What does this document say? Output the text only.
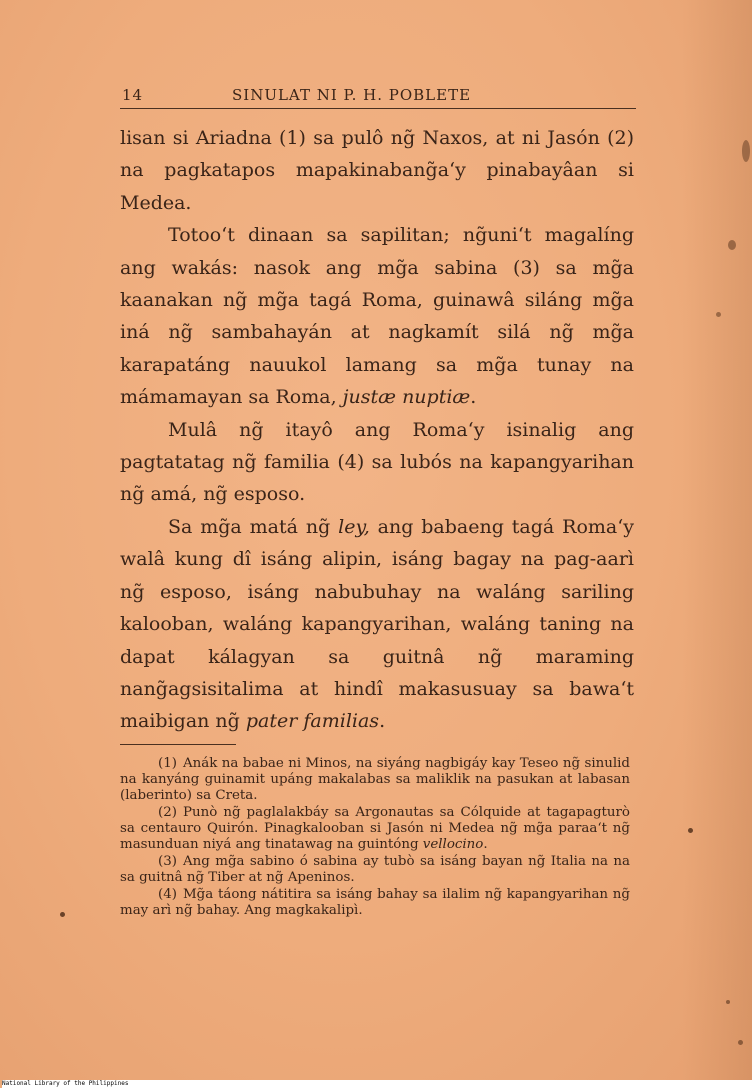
14	SINULAT NI P. H. POBLETE

lisan si Ariadna (1) sa pulô ng̃ Naxos, at ni Jasón (2) na pagkatapos mapakinabang̃a‘y pinabayâan si Medea.

Totoo‘t dinaan sa sapilitan; ng̃uni‘t magalíng ang wakás: nasok ang mg̃a sabina (3) sa mg̃a kaanakan ng̃ mg̃a tagá Roma, guinawâ siláng mg̃a iná ng̃ sambahayán at nagkamít silá ng̃ mg̃a karapatáng nauukol lamang sa mg̃a tunay na mámamayan sa Roma, justæ nuptiæ.

Mulâ ng̃ itayô ang Roma‘y isinalig ang pagtatatag ng̃ familia (4) sa lubós na kapangyarihan ng̃ amá, ng̃ esposo.

Sa mg̃a matá ng̃ ley, ang babaeng tagá Roma‘y walâ kung dî isáng alipin, isáng bagay na pag-aarì ng̃ esposo, isáng nabubuhay na waláng sariling kalooban, waláng kapangyarihan, waláng taning na dapat kálagyan sa guitnâ ng̃ maraming nang̃agsisitalima at hindî makasusuay sa bawa‘t maibigan ng̃ pater familias.

(1) Anák na babae ni Minos, na siyáng nagbigáy kay Teseo ng̃ sinulid na kanyáng guinamit upáng makalabas sa maliklik na pasukan at labasan (laberinto) sa Creta.

(2) Punò ng̃ paglalakbáy sa Argonautas sa Cólquide at tagapagturò sa centauro Quirón. Pinagkalooban si Jasón ni Medea ng̃ mg̃a paraa‘t ng̃ masunduan niyá ang tinatawag na guintóng vellocino.

(3) Ang mg̃a sabino ó sabina ay tubò sa isáng bayan ng̃ Italia na na sa guitnâ ng̃ Tiber at ng̃ Apeninos.

(4) Mg̃a táong nátitira sa isáng bahay sa ilalim ng̃ kapangyarihan ng̃ may arì ng̃ bahay. Ang magkakalipì.

National Library of the Philippines
